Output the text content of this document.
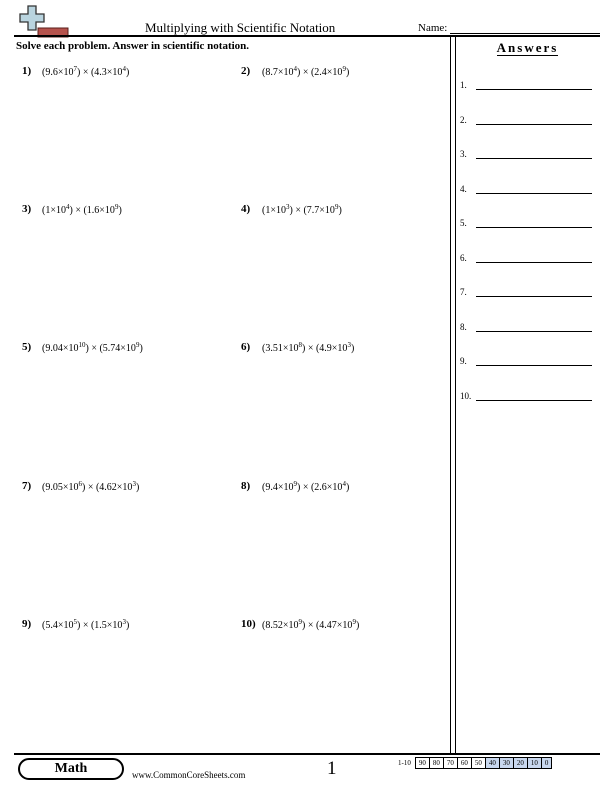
Multiplying with Scientific Notation	Name:
Solve each problem. Answer in scientific notation.	Answers
1.
2.
3.
4.
5.
6.
7.
8.
9.
10.
1) $(9.6\times 10^7) \times (4.3\times 10^4)$	2) $(8.7\times 10^4) \times (2.4\times 10^9)$
3) $(1\times 10^4) \times (1.6\times 10^9)$	4) $(1\times 10^3) \times (7.7\times 10^9)$
5) $(9.04\times 10^{10}) \times (5.74\times 10^9)$	6) $(3.51\times 10^8) \times (4.9\times 10^3)$
7) $(9.05\times 10^6) \times (4.62\times 10^3)$	8) $(9.4\times 10^9) \times (2.6\times 10^4)$
9) $(5.4\times 10^5) \times (1.5\times 10^3)$	10) $(8.52\times 10^9) \times (4.47\times 10^9)$
Math	www.CommonCoreSheets.com	1	1-10	90	80	70	60	50	40	30	20	10	0
